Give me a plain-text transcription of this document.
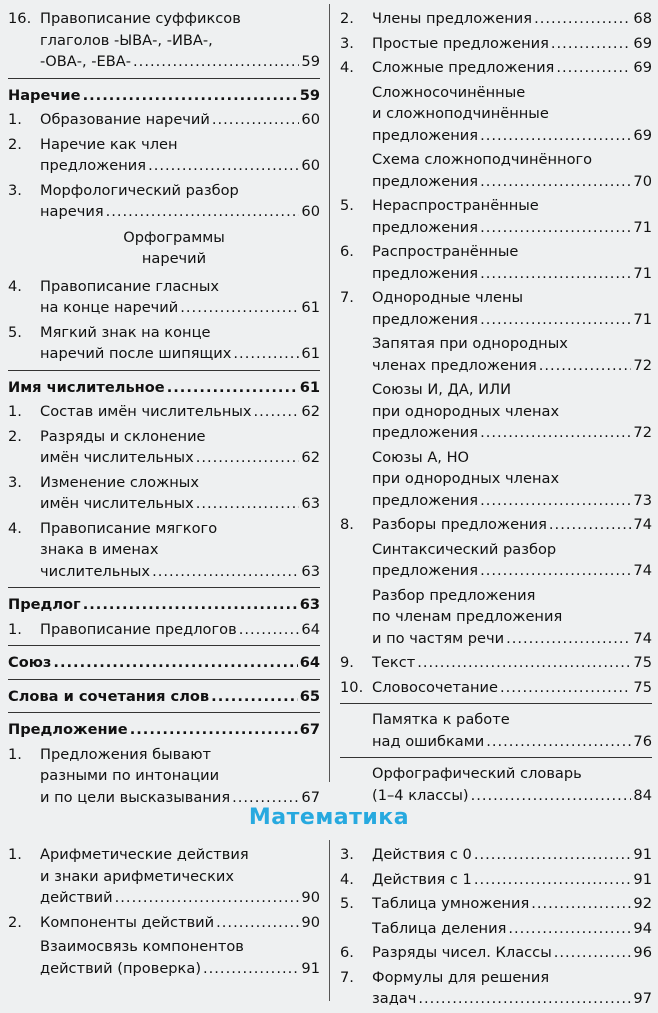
16. Правописание суффиксов
глаголов -ЫВА-, -ИВА-,
-ОВА-, -ЕВА- .....	59
Наречие .....	59
1.	Образование наречий .....	60
2.	Наречие как член
предложения .....	60
3.	Морфологический разбор
наречия .....	60
Орфограммы
наречий
4.	Правописание гласных
на конце наречий .....	61
5.	Мягкий знак на конце
наречий после шипящих .....	61
Имя числительное .....	61
1.	Состав имён числительных .....	62
2.	Разряды и склонение
имён числительных .....	62
3.	Изменение сложных
имён числительных .....	63
4.	Правописание мягкого
знака в именах
числительных .....	63
Предлог .....	63
1.	Правописание предлогов .....	64
Союз .....	64
Слова и сочетания слов .....	65
Предложение .....	67
1.	Предложения бывают
разными по интонации
и по цели высказывания .....	67
2.	Члены предложения .....	68
3.	Простые предложения .....	69
4.	Сложные предложения .....	69
Сложносочинённые
и сложноподчинённые
предложения .....	69
Схема сложноподчинённого
предложения .....	70
5.	Нераспространённые
предложения .....	71
6.	Распространённые
предложения .....	71
7.	Однородные члены
предложения .....	71
Запятая при однородных
членах предложения .....	72
Союзы И, ДА, ИЛИ
при однородных членах
предложения .....	72
Союзы А, НО
при однородных членах
предложения .....	73
8.	Разборы предложения .....	74
Синтаксический разбор
предложения .....	74
Разбор предложения
по членам предложения
и по частям речи .....	74
9.	Текст .....	75
10. Словосочетание .....	75
Памятка к работе
над ошибками .....	76
Орфографический словарь
(1–4 классы) .....	84
Математика
1.	Арифметические действия
и знаки арифметических
действий .....	90
2.	Компоненты действий .....	90
Взаимосвязь компонентов
действий (проверка) .....	91
3.	Действия с 0 .....	91
4.	Действия с 1 .....	91
5.	Таблица умножения .....	92
Таблица деления .....	94
6.	Разряды чисел. Классы .....	96
7.	Формулы для решения
задач .....	97
